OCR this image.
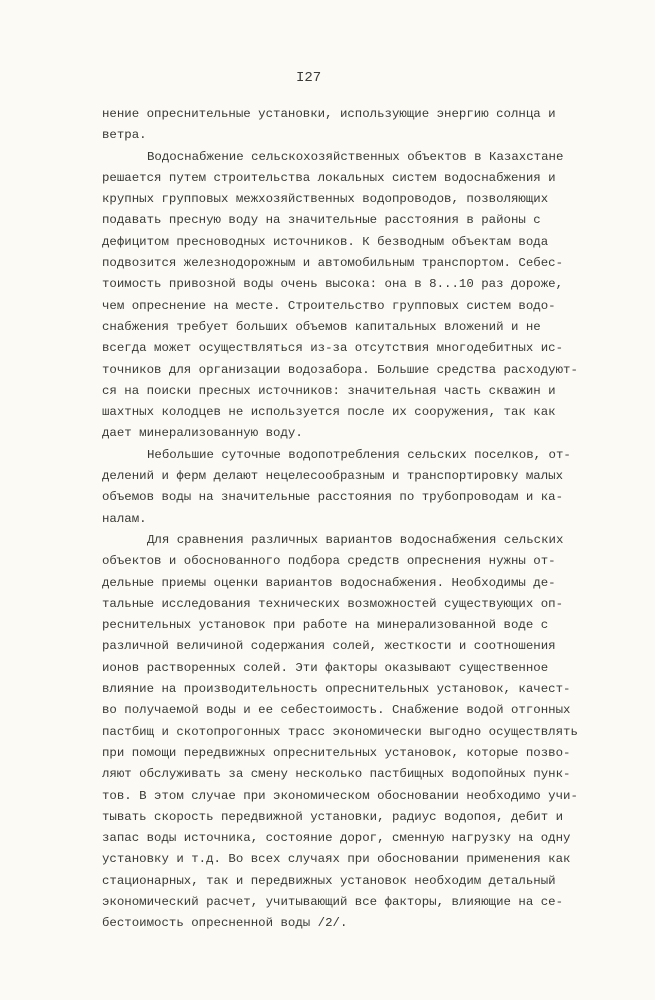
I27
нение опреснительные установки, использующие энергию солнца и
ветра.
Водоснабжение сельскохозяйственных объектов в Казахстане
решается путем строительства локальных систем водоснабжения и
крупных групповых межхозяйственных водопроводов, позволяющих
подавать пресную воду на значительные расстояния в районы с
дефицитом пресноводных источников. К безводным объектам вода
подвозится железнодорожным и автомобильным транспортом. Себес-
тоимость привозной воды очень высока: она в 8...10 раз дороже,
чем опреснение на месте. Строительство групповых систем водо-
снабжения требует больших объемов капитальных вложений и не
всегда может осуществляться из-за отсутствия многодебитных ис-
точников для организации водозабора. Большие средства расходуют-
ся на поиски пресных источников: значительная часть скважин и
шахтных колодцев не используется после их сооружения, так как
дает минерализованную воду.
Небольшие суточные водопотребления сельских поселков, от-
делений и ферм делают нецелесообразным и транспортировку малых
объемов воды на значительные расстояния по трубопроводам и ка-
налам.
Для сравнения различных вариантов водоснабжения сельских
объектов и обоснованного подбора средств опреснения нужны от-
дельные приемы оценки вариантов водоснабжения. Необходимы де-
тальные исследования технических возможностей существующих оп-
реснительных установок при работе на минерализованной воде с
различной величиной содержания солей, жесткости и соотношения
ионов растворенных солей. Эти факторы оказывают существенное
влияние на производительность опреснительных установок, качест-
во получаемой воды и ее себестоимость. Снабжение водой отгонных
пастбищ и скотопрогонных трасс экономически выгодно осуществлять
при помощи передвижных опреснительных установок, которые позво-
ляют обслуживать за смену несколько пастбищных водопойных пунк-
тов. В этом случае при экономическом обосновании необходимо учи-
тывать скорость передвижной установки, радиус водопоя, дебит и
запас воды источника, состояние дорог, сменную нагрузку на одну
установку и т.д. Во всех случаях при обосновании применения как
стационарных, так и передвижных установок необходим детальный
экономический расчет, учитывающий все факторы, влияющие на се-
бестоимость опресненной воды /2/.
